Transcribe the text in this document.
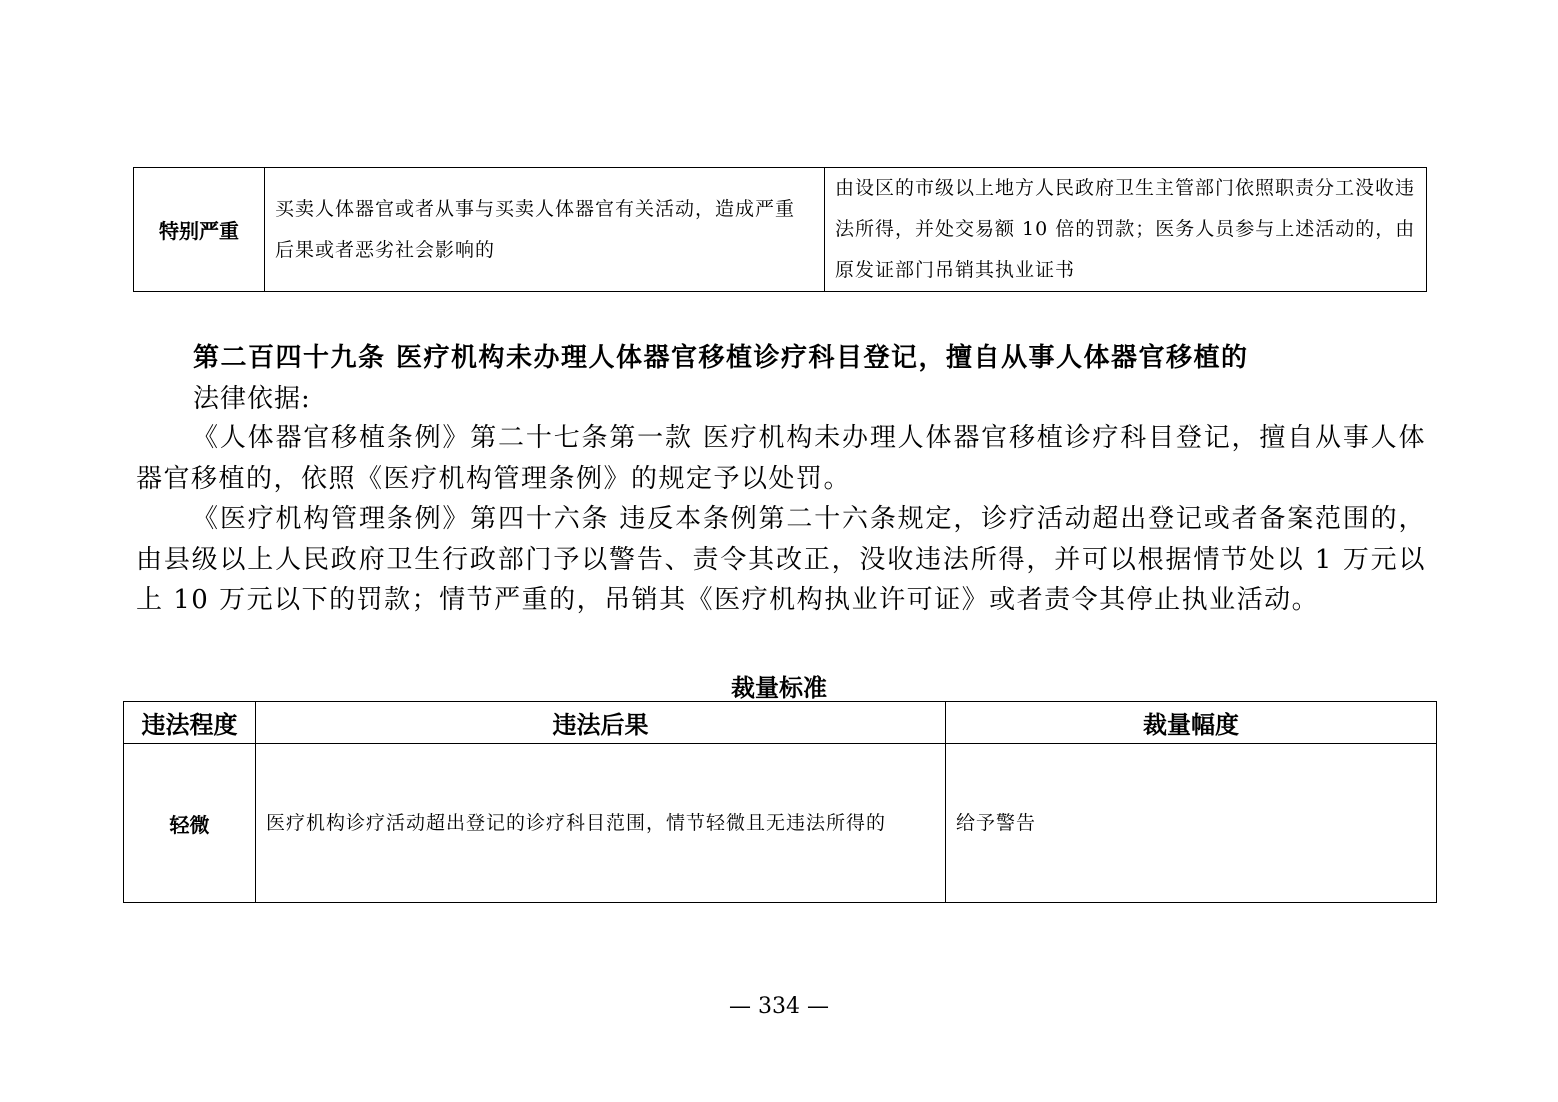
特别严重	买卖人体器官或者从事与买卖人体器官有关活动，造成严重后果或者恶劣社会影响的	由设区的市级以上地方人民政府卫生主管部门依照职责分工没收违法所得，并处交易额 10 倍的罚款；医务人员参与上述活动的，由原发证部门吊销其执业证书
第二百四十九条 医疗机构未办理人体器官移植诊疗科目登记，擅自从事人体器官移植的
法律依据:
《人体器官移植条例》第二十七条第一款 医疗机构未办理人体器官移植诊疗科目登记，擅自从事人体器官移植的，依照《医疗机构管理条例》的规定予以处罚。
《医疗机构管理条例》第四十六条 违反本条例第二十六条规定，诊疗活动超出登记或者备案范围的，由县级以上人民政府卫生行政部门予以警告、责令其改正，没收违法所得，并可以根据情节处以 1 万元以上 10 万元以下的罚款；情节严重的，吊销其《医疗机构执业许可证》或者责令其停止执业活动。
裁量标准
违法程度	违法后果	裁量幅度
轻微	医疗机构诊疗活动超出登记的诊疗科目范围，情节轻微且无违法所得的	给予警告
— 334 —
